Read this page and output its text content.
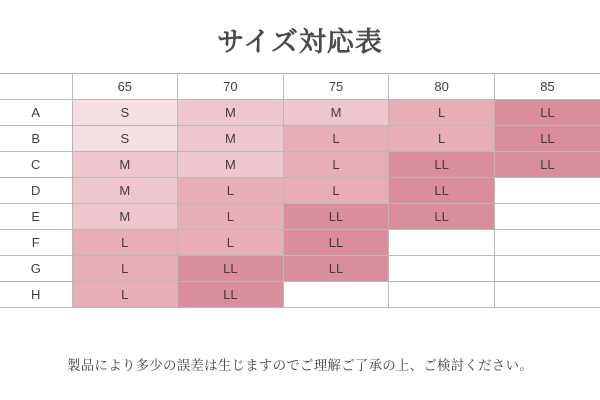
サイズ対応表
	65	70	75	80	85
A	S	M	M	L	LL
B	S	M	L	L	LL
C	M	M	L	LL	LL
D	M	L	L	LL	
E	M	L	LL	LL	
F	L	L	LL		
G	L	LL	LL		
H	L	LL			
製品により多少の誤差は生じますのでご理解ご了承の上、ご検討ください。
